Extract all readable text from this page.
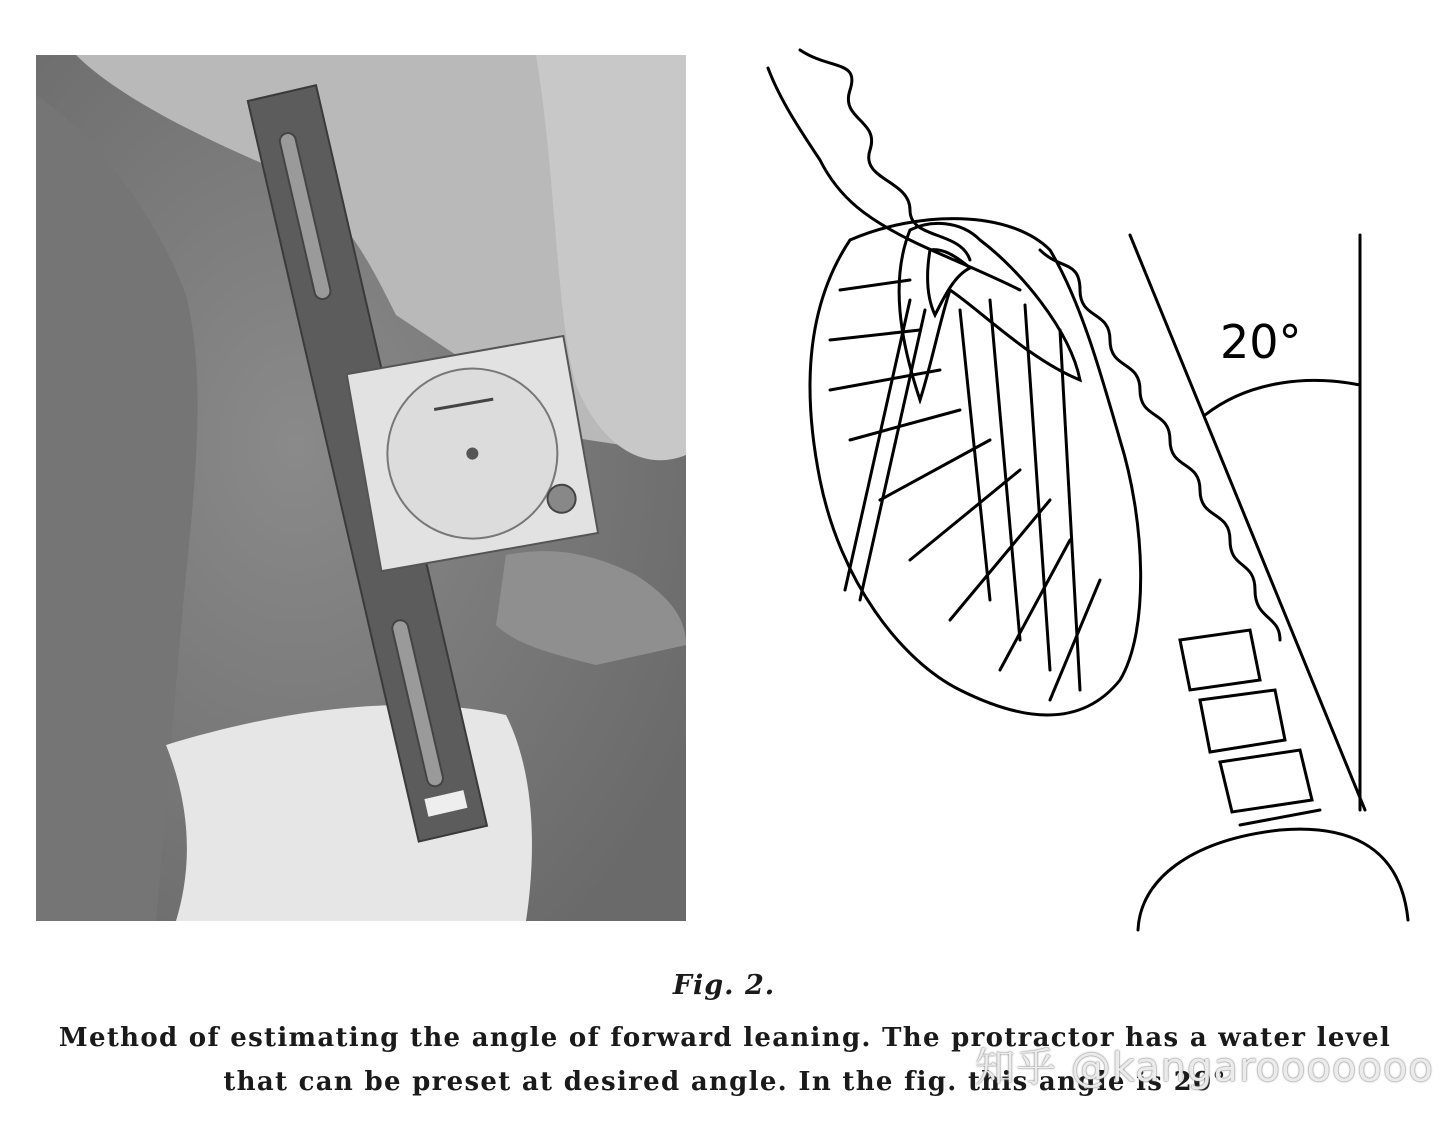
20°
Fig. 2.
Method of estimating the angle of forward leaning. The protractor has a water level
that can be preset at desired angle. In the fig. this angle is 20°
知乎 @kangarooooooo
